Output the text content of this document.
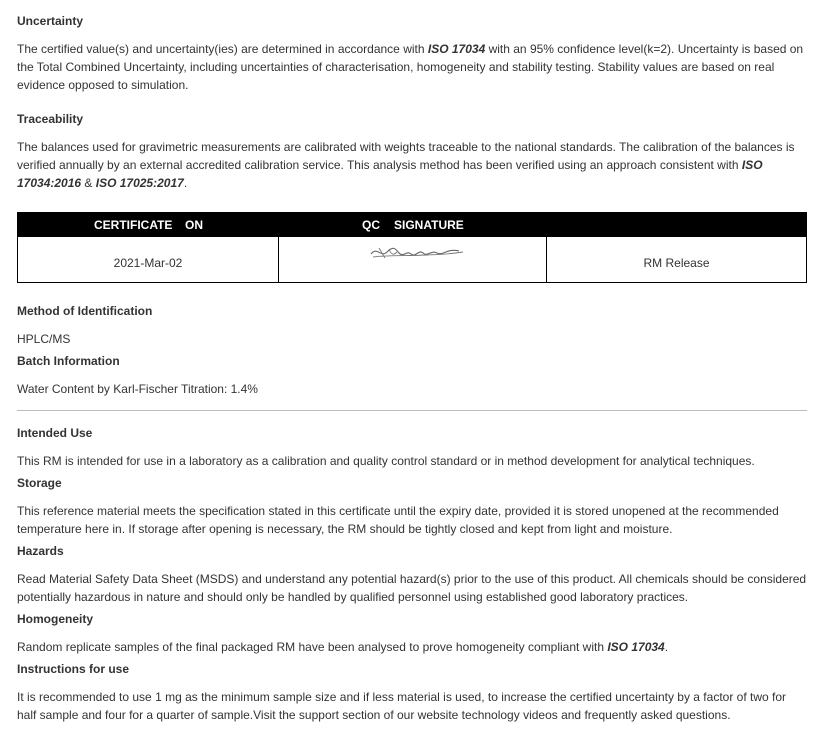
Uncertainty

The certified value(s) and uncertainty(ies) are determined in accordance with ISO 17034 with an 95% confidence level(k=2). Uncertainty is based on the Total Combined Uncertainty, including uncertainties of characterisation, homogeneity and stability testing. Stability values are based on real evidence opposed to simulation.

Traceability

The balances used for gravimetric measurements are calibrated with weights traceable to the national standards. The calibration of the balances is verified annually by an external accredited calibration service. This analysis method has been verified using an approach consistent with ISO 17034:2016 & ISO 17025:2017.

CERTIFICATE ON	QC SIGNATURE
2021-Mar-02	RM Release
Method of Identification

HPLC/MS

Batch Information

Water Content by Karl-Fischer Titration: 1.4%

Intended Use

This RM is intended for use in a laboratory as a calibration and quality control standard or in method development for analytical techniques.

Storage

This reference material meets the specification stated in this certificate until the expiry date, provided it is stored unopened at the recommended temperature here in. If storage after opening is necessary, the RM should be tightly closed and kept from light and moisture.

Hazards

Read Material Safety Data Sheet (MSDS) and understand any potential hazard(s) prior to the use of this product. All chemicals should be considered potentially hazardous in nature and should only be handled by qualified personnel using established good laboratory practices.

Homogeneity

Random replicate samples of the final packaged RM have been analysed to prove homogeneity compliant with ISO 17034.

Instructions for use

It is recommended to use 1 mg as the minimum sample size and if less material is used, to increase the certified uncertainty by a factor of two for half sample and four for a quarter of sample.Visit the support section of our website technology videos and frequently asked questions.
